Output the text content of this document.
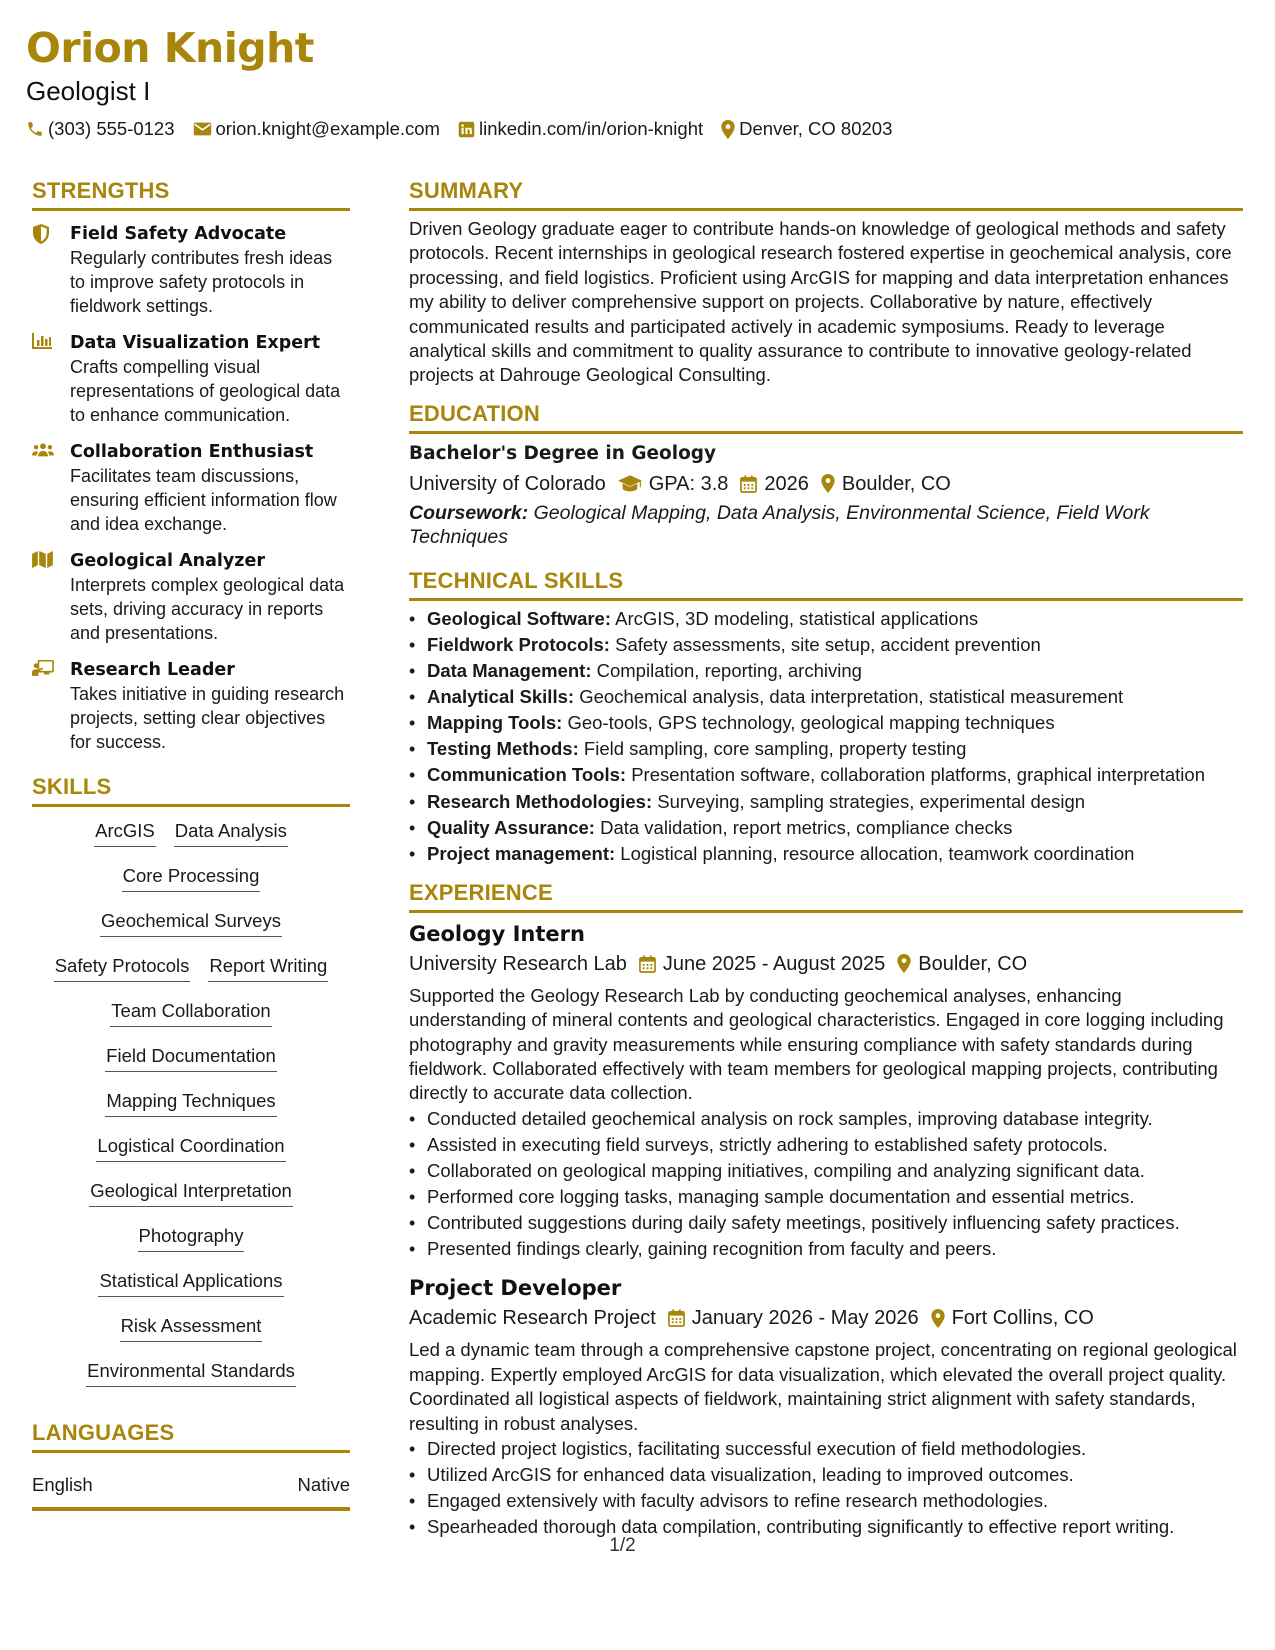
Orion Knight
Geologist I
(303) 555-0123 orion.knight@example.com linkedin.com/in/orion-knight Denver, CO 80203
STRENGTHS
Field Safety Advocate
Regularly contributes fresh ideas to improve safety protocols in fieldwork settings.
Data Visualization Expert
Crafts compelling visual representations of geological data to enhance communication.
Collaboration Enthusiast
Facilitates team discussions, ensuring efficient information flow and idea exchange.
Geological Analyzer
Interprets complex geological data sets, driving accuracy in reports and presentations.
Research Leader
Takes initiative in guiding research projects, setting clear objectives for success.
SKILLS
ArcGIS Data Analysis
Core Processing
Geochemical Surveys
Safety Protocols Report Writing
Team Collaboration
Field Documentation
Mapping Techniques
Logistical Coordination
Geological Interpretation
Photography
Statistical Applications
Risk Assessment
Environmental Standards
LANGUAGES
English	Native
SUMMARY
Driven Geology graduate eager to contribute hands-on knowledge of geological methods and safety protocols. Recent internships in geological research fostered expertise in geochemical analysis, core processing, and field logistics. Proficient using ArcGIS for mapping and data interpretation enhances my ability to deliver comprehensive support on projects. Collaborative by nature, effectively communicated results and participated actively in academic symposiums. Ready to leverage analytical skills and commitment to quality assurance to contribute to innovative geology-related projects at Dahrouge Geological Consulting.
EDUCATION
Bachelor's Degree in Geology
University of Colorado GPA: 3.8 2026 Boulder, CO
Coursework: Geological Mapping, Data Analysis, Environmental Science, Field Work Techniques
TECHNICAL SKILLS
• Geological Software: ArcGIS, 3D modeling, statistical applications
• Fieldwork Protocols: Safety assessments, site setup, accident prevention
• Data Management: Compilation, reporting, archiving
• Analytical Skills: Geochemical analysis, data interpretation, statistical measurement
• Mapping Tools: Geo-tools, GPS technology, geological mapping techniques
• Testing Methods: Field sampling, core sampling, property testing
• Communication Tools: Presentation software, collaboration platforms, graphical interpretation
• Research Methodologies: Surveying, sampling strategies, experimental design
• Quality Assurance: Data validation, report metrics, compliance checks
• Project management: Logistical planning, resource allocation, teamwork coordination
EXPERIENCE
Geology Intern
University Research Lab June 2025 - August 2025 Boulder, CO
Supported the Geology Research Lab by conducting geochemical analyses, enhancing understanding of mineral contents and geological characteristics. Engaged in core logging including photography and gravity measurements while ensuring compliance with safety standards during fieldwork. Collaborated effectively with team members for geological mapping projects, contributing directly to accurate data collection.
• Conducted detailed geochemical analysis on rock samples, improving database integrity.
• Assisted in executing field surveys, strictly adhering to established safety protocols.
• Collaborated on geological mapping initiatives, compiling and analyzing significant data.
• Performed core logging tasks, managing sample documentation and essential metrics.
• Contributed suggestions during daily safety meetings, positively influencing safety practices.
• Presented findings clearly, gaining recognition from faculty and peers.
Project Developer
Academic Research Project January 2026 - May 2026 Fort Collins, CO
Led a dynamic team through a comprehensive capstone project, concentrating on regional geological mapping. Expertly employed ArcGIS for data visualization, which elevated the overall project quality. Coordinated all logistical aspects of fieldwork, maintaining strict alignment with safety standards, resulting in robust analyses.
• Directed project logistics, facilitating successful execution of field methodologies.
• Utilized ArcGIS for enhanced data visualization, leading to improved outcomes.
• Engaged extensively with faculty advisors to refine research methodologies.
• Spearheaded thorough data compilation, contributing significantly to effective report writing.
1/2
